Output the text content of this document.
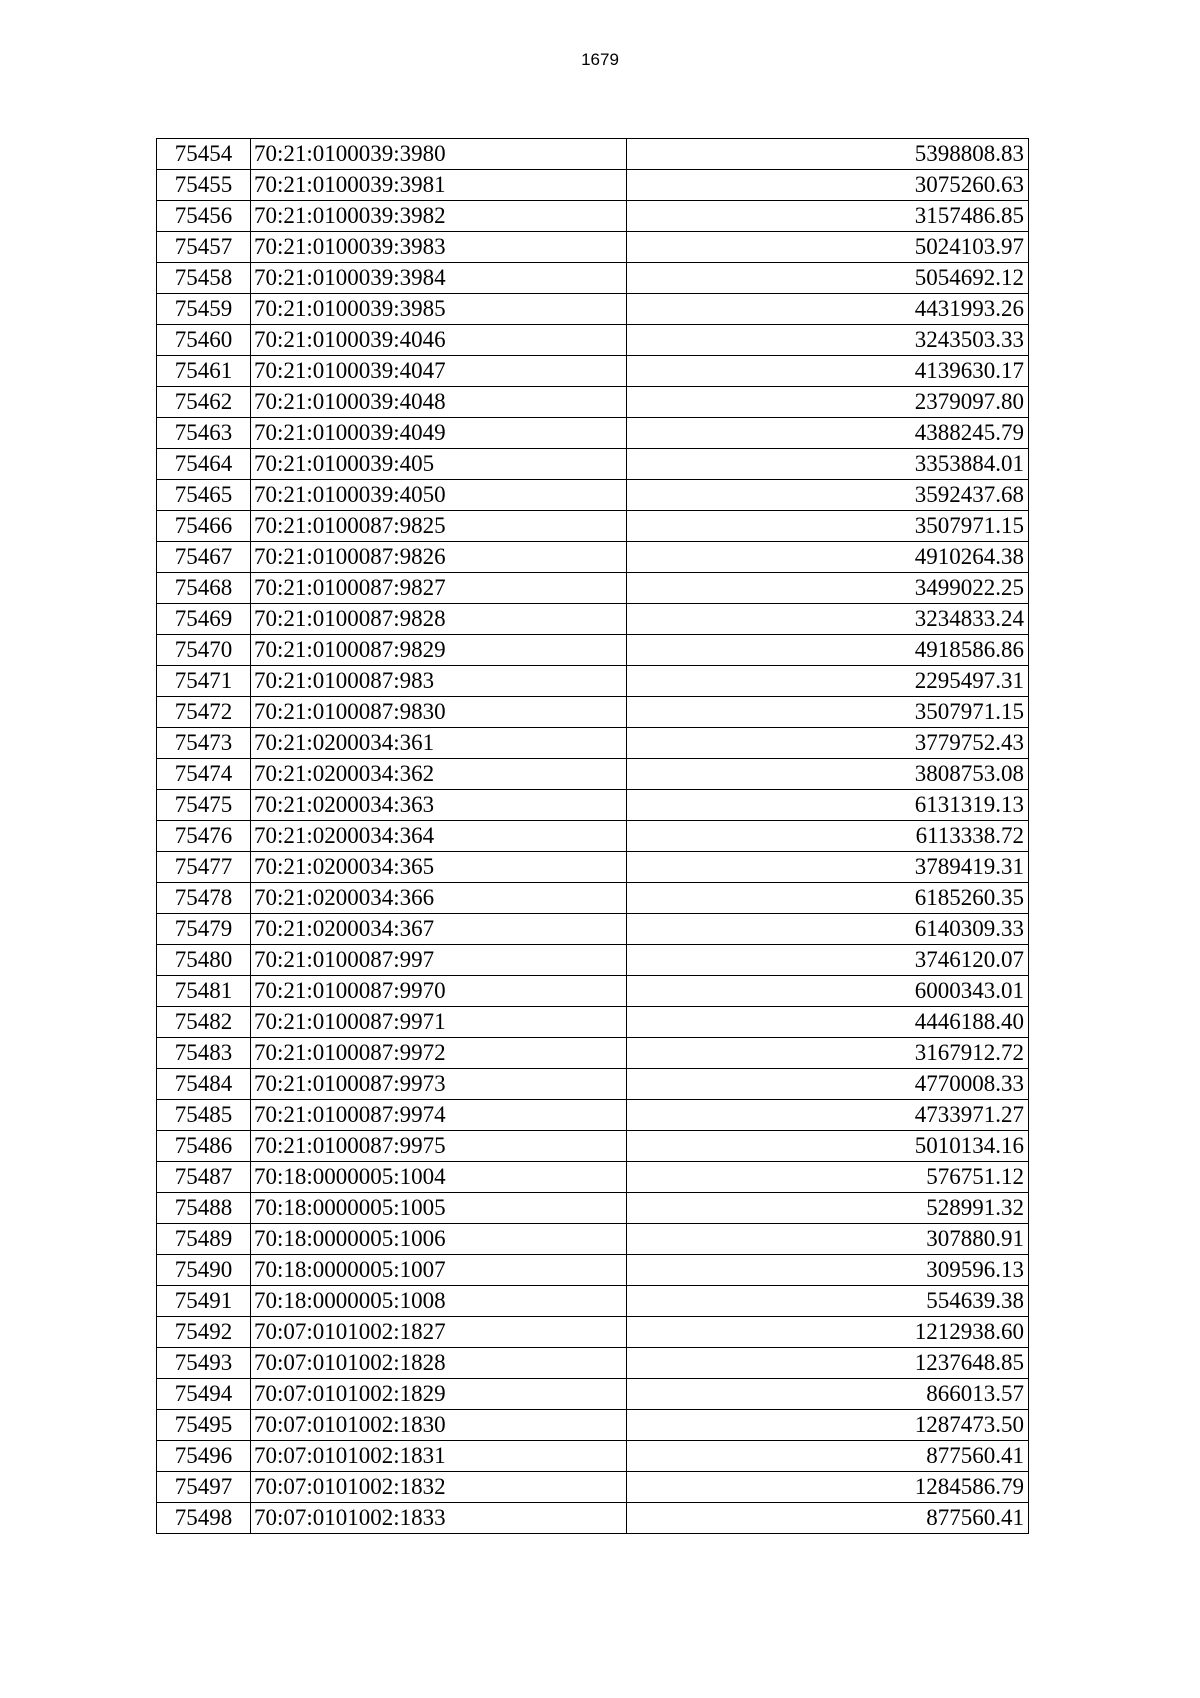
1679
75454	70:21:0100039:3980	5398808.83
75455	70:21:0100039:3981	3075260.63
75456	70:21:0100039:3982	3157486.85
75457	70:21:0100039:3983	5024103.97
75458	70:21:0100039:3984	5054692.12
75459	70:21:0100039:3985	4431993.26
75460	70:21:0100039:4046	3243503.33
75461	70:21:0100039:4047	4139630.17
75462	70:21:0100039:4048	2379097.80
75463	70:21:0100039:4049	4388245.79
75464	70:21:0100039:405	3353884.01
75465	70:21:0100039:4050	3592437.68
75466	70:21:0100087:9825	3507971.15
75467	70:21:0100087:9826	4910264.38
75468	70:21:0100087:9827	3499022.25
75469	70:21:0100087:9828	3234833.24
75470	70:21:0100087:9829	4918586.86
75471	70:21:0100087:983	2295497.31
75472	70:21:0100087:9830	3507971.15
75473	70:21:0200034:361	3779752.43
75474	70:21:0200034:362	3808753.08
75475	70:21:0200034:363	6131319.13
75476	70:21:0200034:364	6113338.72
75477	70:21:0200034:365	3789419.31
75478	70:21:0200034:366	6185260.35
75479	70:21:0200034:367	6140309.33
75480	70:21:0100087:997	3746120.07
75481	70:21:0100087:9970	6000343.01
75482	70:21:0100087:9971	4446188.40
75483	70:21:0100087:9972	3167912.72
75484	70:21:0100087:9973	4770008.33
75485	70:21:0100087:9974	4733971.27
75486	70:21:0100087:9975	5010134.16
75487	70:18:0000005:1004	576751.12
75488	70:18:0000005:1005	528991.32
75489	70:18:0000005:1006	307880.91
75490	70:18:0000005:1007	309596.13
75491	70:18:0000005:1008	554639.38
75492	70:07:0101002:1827	1212938.60
75493	70:07:0101002:1828	1237648.85
75494	70:07:0101002:1829	866013.57
75495	70:07:0101002:1830	1287473.50
75496	70:07:0101002:1831	877560.41
75497	70:07:0101002:1832	1284586.79
75498	70:07:0101002:1833	877560.41
